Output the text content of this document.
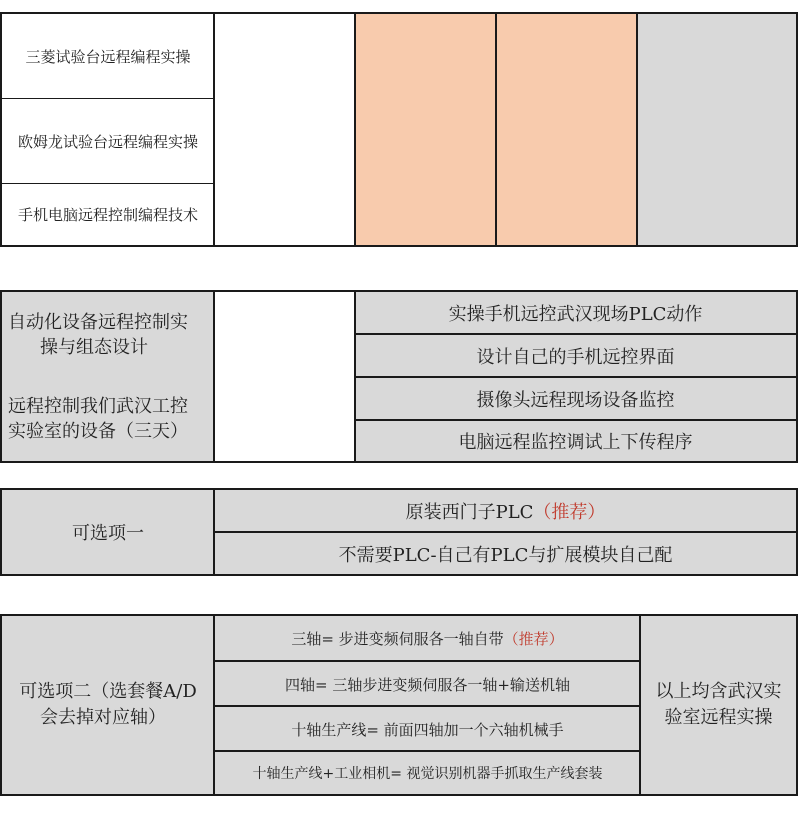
三菱试验台远程编程实操
欧姆龙试验台远程编程实操
手机电脑远程控制编程技术
自动化设备远程控制实
操与组态设计
远程控制我们武汉工控
实验室的设备（三天）
实操手机远控武汉现场PLC动作
设计自己的手机远控界面
摄像头远程现场设备监控
电脑远程监控调试上下传程序
可选项一
原装西门子PLC （推荐）
不需要PLC-自己有PLC与扩展模块自己配
可选项二（选套餐A/D
会去掉对应轴）
三轴= 步进变频伺服各一轴自带 （推荐）
四轴= 三轴步进变频伺服各一轴+输送机轴
十轴生产线= 前面四轴加一个六轴机械手
十轴生产线+工业相机= 视觉识别机器手抓取生产线套装
以上均含武汉实
验室远程实操
